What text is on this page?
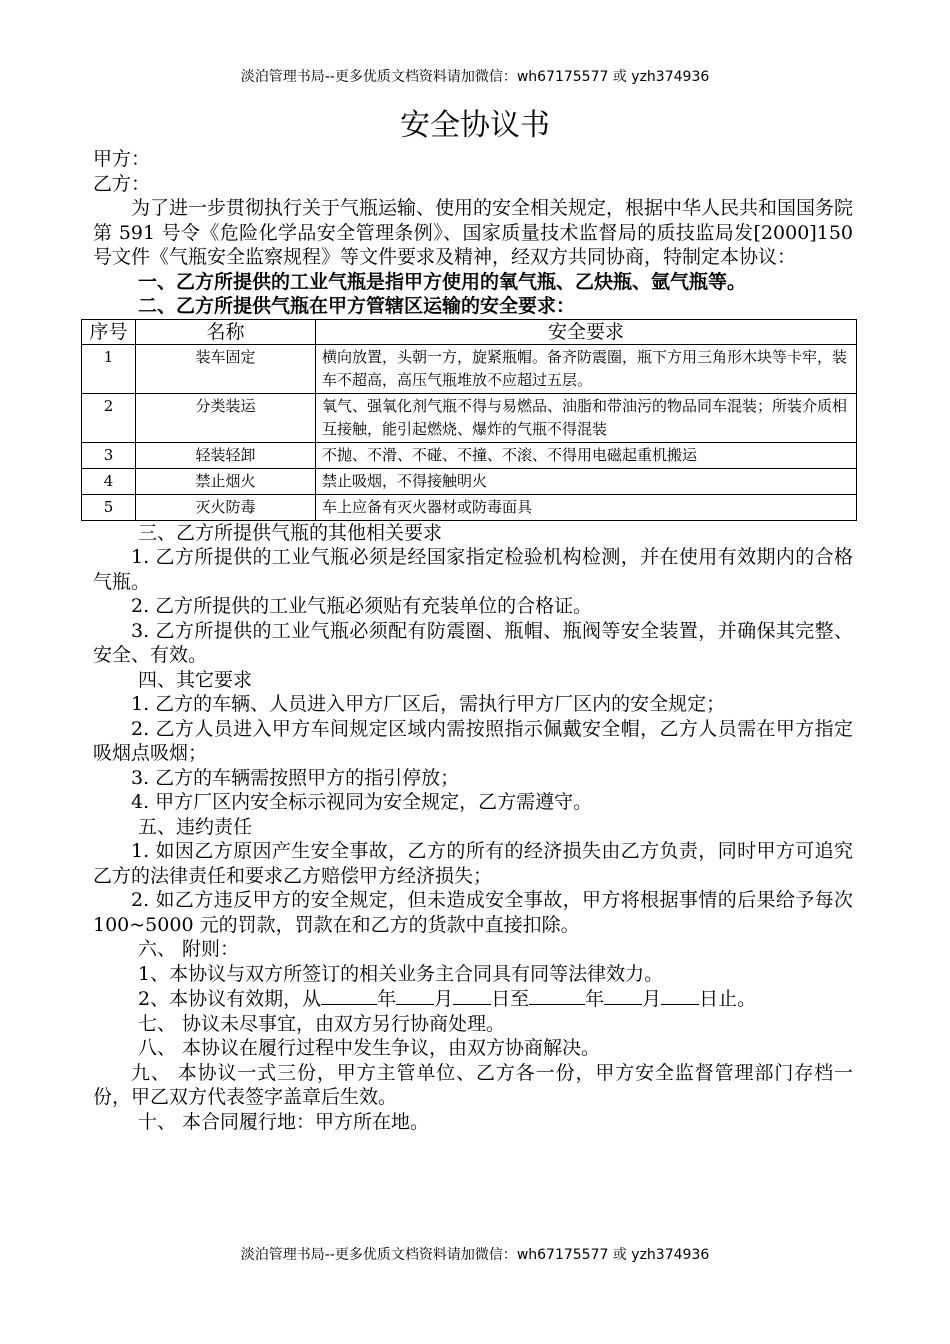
淡泊管理书局--更多优质文档资料请加微信：wh67175577 或 yzh374936
安全协议书
甲方：
乙方：
为了进一步贯彻执行关于气瓶运输、使用的安全相关规定，根据中华人民共和国国务院第 591 号令《危险化学品安全管理条例》、国家质量技术监督局的质技监局发[2000]150 号文件《气瓶安全监察规程》等文件要求及精神，经双方共同协商，特制定本协议：
一、乙方所提供的工业气瓶是指甲方使用的氧气瓶、乙炔瓶、氩气瓶等。
二、乙方所提供气瓶在甲方管辖区运输的安全要求：
序号	名称	安全要求
1	装车固定	横向放置，头朝一方，旋紧瓶帽。备齐防震圈，瓶下方用三角形木块等卡牢，装车不超高，高压气瓶堆放不应超过五层。
2	分类装运	氧气、强氧化剂气瓶不得与易燃品、油脂和带油污的物品同车混装；所装介质相互接触，能引起燃烧、爆炸的气瓶不得混装
3	轻装轻卸	不抛、不滑、不碰、不撞、不滚、不得用电磁起重机搬运
4	禁止烟火	禁止吸烟，不得接触明火
5	灭火防毒	车上应备有灭火器材或防毒面具
三、乙方所提供气瓶的其他相关要求
1. 乙方所提供的工业气瓶必须是经国家指定检验机构检测，并在使用有效期内的合格气瓶。
2. 乙方所提供的工业气瓶必须贴有充装单位的合格证。
3. 乙方所提供的工业气瓶必须配有防震圈、瓶帽、瓶阀等安全装置，并确保其完整、安全、有效。
四、其它要求
1. 乙方的车辆、人员进入甲方厂区后，需执行甲方厂区内的安全规定；
2. 乙方人员进入甲方车间规定区域内需按照指示佩戴安全帽，乙方人员需在甲方指定吸烟点吸烟；
3. 乙方的车辆需按照甲方的指引停放；
4. 甲方厂区内安全标示视同为安全规定，乙方需遵守。
五、违约责任
1. 如因乙方原因产生安全事故，乙方的所有的经济损失由乙方负责，同时甲方可追究乙方的法律责任和要求乙方赔偿甲方经济损失；
2. 如乙方违反甲方的安全规定，但未造成安全事故，甲方将根据事情的后果给予每次 100~5000 元的罚款，罚款在和乙方的货款中直接扣除。
六、 附则：
1、本协议与双方所签订的相关业务主合同具有同等法律效力。
2、本协议有效期，从	年 月 日至	年 月 日止。
七、 协议未尽事宜，由双方另行协商处理。
八、 本协议在履行过程中发生争议，由双方协商解决。
九、 本协议一式三份，甲方主管单位、乙方各一份，甲方安全监督管理部门存档一份，甲乙双方代表签字盖章后生效。
十、 本合同履行地：甲方所在地。
淡泊管理书局--更多优质文档资料请加微信：wh67175577 或 yzh374936
